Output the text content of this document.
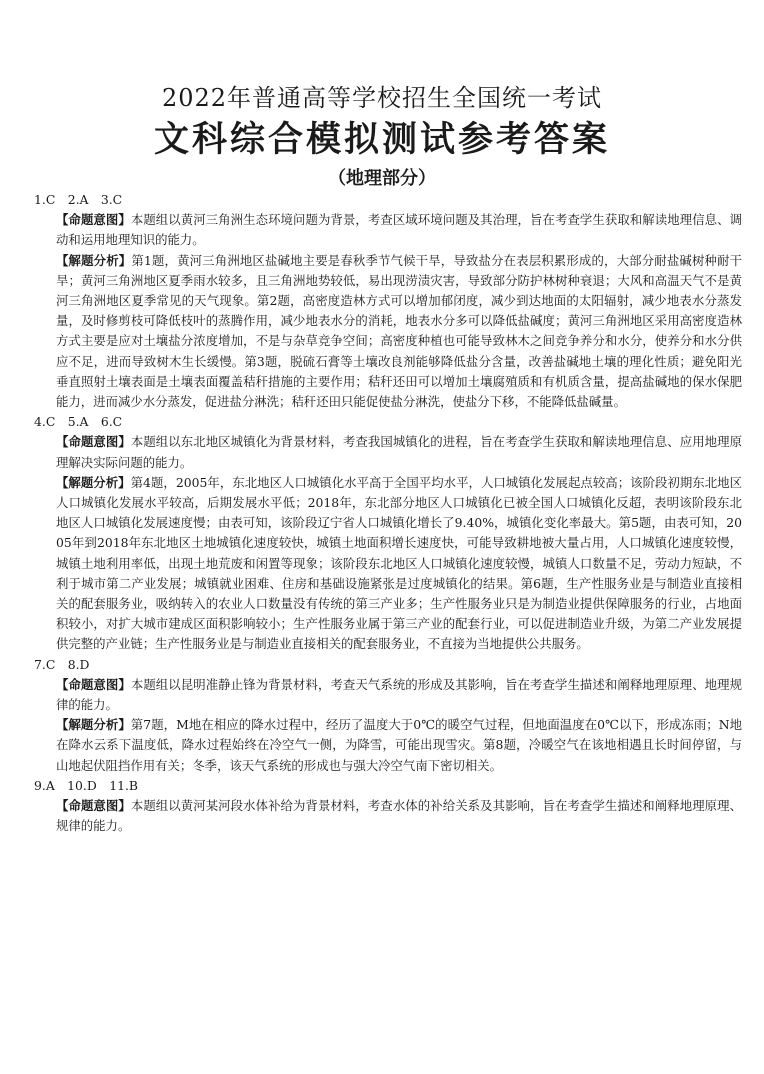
2022年普通高等学校招生全国统一考试
文科综合模拟测试参考答案
（地理部分）
1.C　2.A　3.C
【命题意图】本题组以黄河三角洲生态环境问题为背景，考查区域环境问题及其治理，旨在考查学生获取和解读地理信息、调动和运用地理知识的能力。
【解题分析】第1题，黄河三角洲地区盐碱地主要是春秋季节气候干旱，导致盐分在表层积累形成的，大部分耐盐碱树种耐干旱；黄河三角洲地区夏季雨水较多，且三角洲地势较低，易出现涝渍灾害，导致部分防护林树种衰退；大风和高温天气不是黄河三角洲地区夏季常见的天气现象。第2题，高密度造林方式可以增加郁闭度，减少到达地面的太阳辐射，减少地表水分蒸发量，及时修剪枝可降低枝叶的蒸腾作用，减少地表水分的消耗，地表水分多可以降低盐碱度；黄河三角洲地区采用高密度造林方式主要是应对土壤盐分浓度增加，不是与杂草竞争空间；高密度种植也可能导致林木之间竞争养分和水分，使养分和水分供应不足，进而导致树木生长缓慢。第3题，脱硫石膏等土壤改良剂能够降低盐分含量，改善盐碱地土壤的理化性质；避免阳光垂直照射土壤表面是土壤表面覆盖秸秆措施的主要作用；秸秆还田可以增加土壤腐殖质和有机质含量，提高盐碱地的保水保肥能力，进而减少水分蒸发，促进盐分淋洗；秸秆还田只能促使盐分淋洗，使盐分下移，不能降低盐碱量。
4.C　5.A　6.C
【命题意图】本题组以东北地区城镇化为背景材料，考查我国城镇化的进程，旨在考查学生获取和解读地理信息、应用地理原理解决实际问题的能力。
【解题分析】第4题，2005年，东北地区人口城镇化水平高于全国平均水平，人口城镇化发展起点较高；该阶段初期东北地区人口城镇化发展水平较高，后期发展水平低；2018年，东北部分地区人口城镇化已被全国人口城镇化反超，表明该阶段东北地区人口城镇化发展速度慢；由表可知，该阶段辽宁省人口城镇化增长了9.40%，城镇化变化率最大。第5题，由表可知，2005年到2018年东北地区土地城镇化速度较快，城镇土地面积增长速度快，可能导致耕地被大量占用，人口城镇化速度较慢，城镇土地利用率低，出现土地荒废和闲置等现象；该阶段东北地区人口城镇化速度较慢，城镇人口数量不足，劳动力短缺，不利于城市第二产业发展；城镇就业困难、住房和基础设施紧张是过度城镇化的结果。第6题，生产性服务业是与制造业直接相关的配套服务业，吸纳转入的农业人口数量没有传统的第三产业多；生产性服务业只是为制造业提供保障服务的行业，占地面积较小，对扩大城市建成区面积影响较小；生产性服务业属于第三产业的配套行业，可以促进制造业升级，为第二产业发展提供完整的产业链；生产性服务业是与制造业直接相关的配套服务业，不直接为当地提供公共服务。
7.C　8.D
【命题意图】本题组以昆明准静止锋为背景材料，考查天气系统的形成及其影响，旨在考查学生描述和阐释地理原理、地理规律的能力。
【解题分析】第7题，M地在相应的降水过程中，经历了温度大于0℃的暖空气过程，但地面温度在0℃以下，形成冻雨；N地在降水云系下温度低，降水过程始终在冷空气一侧，为降雪，可能出现雪灾。第8题，冷暖空气在该地相遇且长时间停留，与山地起伏阻挡作用有关；冬季，该天气系统的形成也与强大冷空气南下密切相关。
9.A　10.D　11.B
【命题意图】本题组以黄河某河段水体补给为背景材料，考查水体的补给关系及其影响，旨在考查学生描述和阐释地理原理、规律的能力。
